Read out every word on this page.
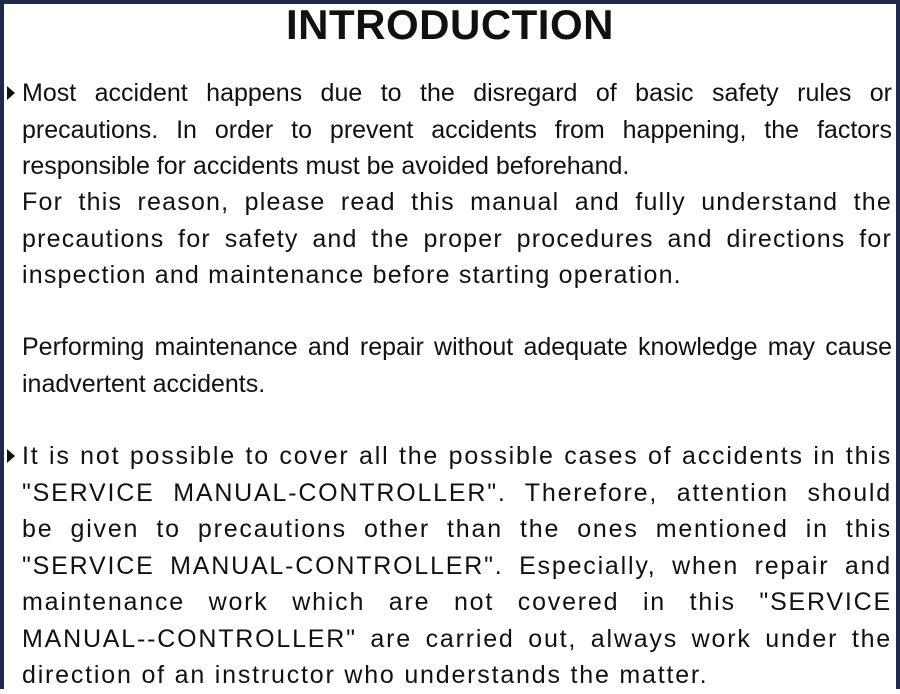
INTRODUCTION

Most accident happens due to the disregard of basic safety rules or precautions. In order to prevent accidents from happening, the factors responsible for accidents must be avoided beforehand.

For this reason, please read this manual and fully understand the precautions for safety and the proper procedures and directions for inspection and maintenance before starting operation.

Performing maintenance and repair without adequate knowledge may cause inadvertent accidents.

It is not possible to cover all the possible cases of accidents in this "SERVICE MANUAL-CONTROLLER". Therefore, attention should be given to precautions other than the ones mentioned in this "SERVICE MANUAL-CONTROLLER". Especially, when repair and maintenance work which are not covered in this "SERVICE MANUAL--CONTROLLER" are carried out, always work under the direction of an instructor who understands the matter.
